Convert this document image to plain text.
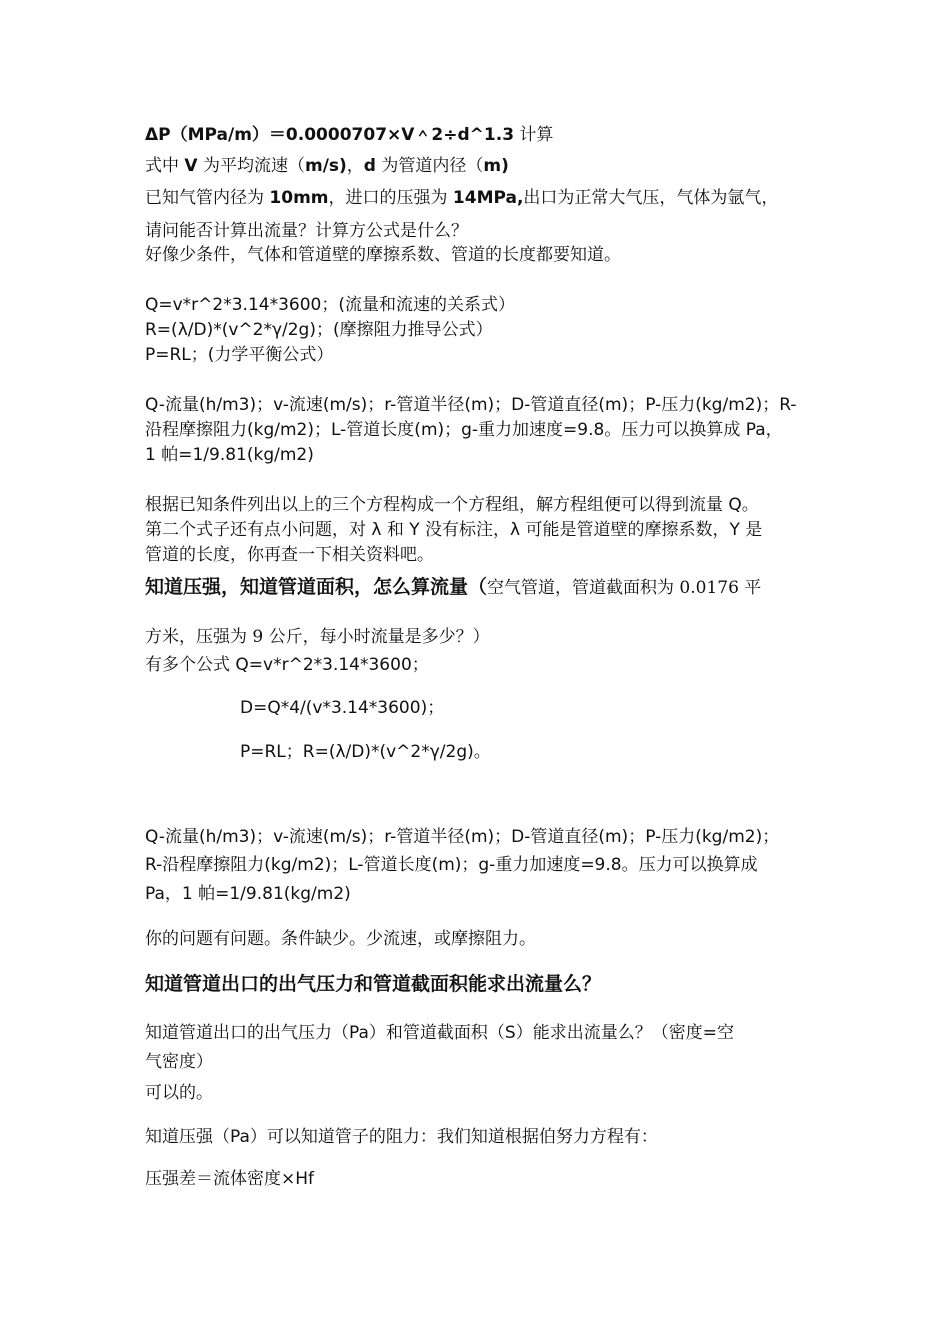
ΔP（MPa/m）＝0.0000707×V＾2÷d^1.3 计算
式中 V 为平均流速（m/s)，d 为管道内径（m)
已知气管内径为 10mm，进口的压强为 14MPa,出口为正常大气压，气体为氩气，
请问能否计算出流量？计算方公式是什么？
好像少条件，气体和管道壁的摩擦系数、管道的长度都要知道。
Q=v*r^2*3.14*3600；(流量和流速的关系式）
R=(λ/D)*(v^2*γ/2g)；(摩擦阻力推导公式）
P=RL；(力学平衡公式）
Q-流量(h/m3)；v-流速(m/s)；r-管道半径(m)；D-管道直径(m)；P-压力(kg/m2)；R-
沿程摩擦阻力(kg/m2)；L-管道长度(m)；g-重力加速度=9.8。压力可以换算成 Pa，
1 帕=1/9.81(kg/m2)
根据已知条件列出以上的三个方程构成一个方程组，解方程组便可以得到流量 Q。
第二个式子还有点小问题，对 λ 和 Y 没有标注，λ 可能是管道壁的摩擦系数，Y 是
管道的长度，你再查一下相关资料吧。
知道压强，知道管道面积，怎么算流量（空气管道，管道截面积为 0.0176 平
方米，压强为 9 公斤，每小时流量是多少？）
有多个公式 Q=v*r^2*3.14*3600；
D=Q*4/(v*3.14*3600)；
P=RL；R=(λ/D)*(v^2*γ/2g)。
Q-流量(h/m3)；v-流速(m/s)；r-管道半径(m)；D-管道直径(m)；P-压力(kg/m2)；
R-沿程摩擦阻力(kg/m2)；L-管道长度(m)；g-重力加速度=9.8。压力可以换算成
Pa，1 帕=1/9.81(kg/m2)
你的问题有问题。条件缺少。少流速，或摩擦阻力。
知道管道出口的出气压力和管道截面积能求出流量么？
知道管道出口的出气压力（Pa）和管道截面积（S）能求出流量么？（密度=空
气密度）
可以的。
知道压强（Pa）可以知道管子的阻力：我们知道根据伯努力方程有：
压强差＝流体密度×Hf
